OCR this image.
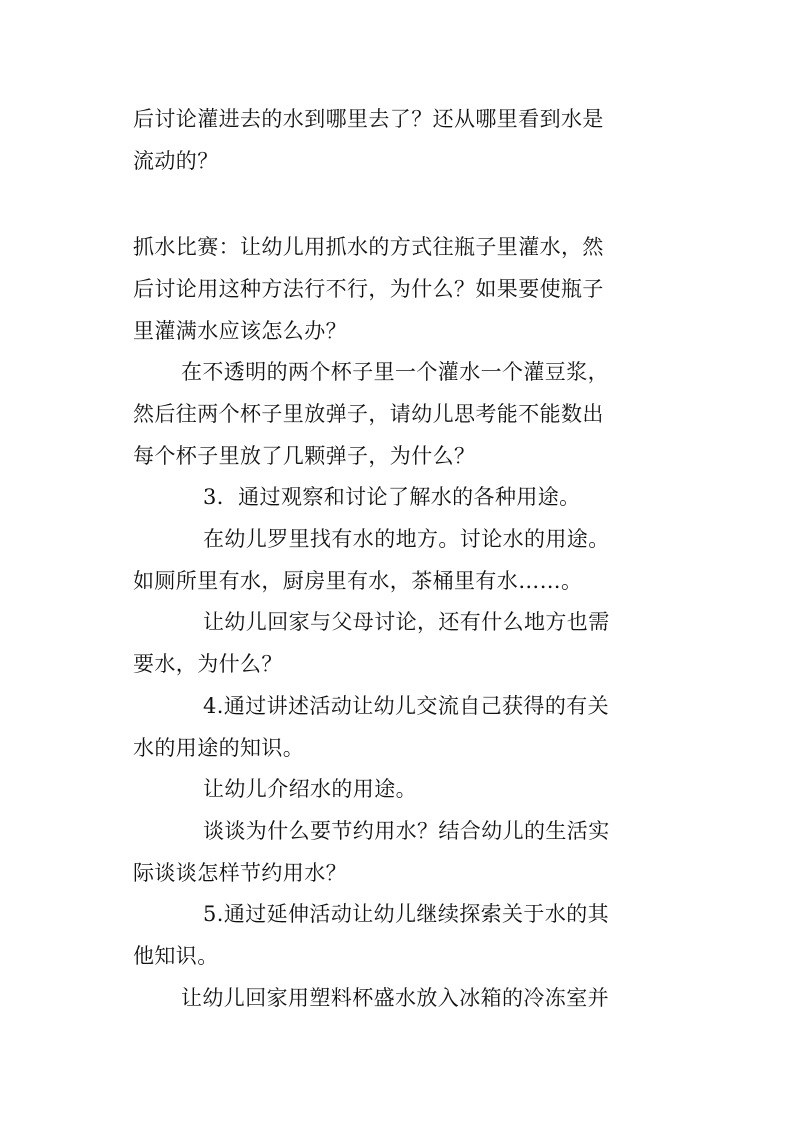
后讨论灌进去的水到哪里去了？还从哪里看到水是

流动的？

抓水比赛：让幼儿用抓水的方式往瓶子里灌水，然

后讨论用这种方法行不行，为什么？如果要使瓶子

里灌满水应该怎么办？

在不透明的两个杯子里一个灌水一个灌豆浆，

然后往两个杯子里放弹子，请幼儿思考能不能数出

每个杯子里放了几颗弹子，为什么？

3．通过观察和讨论了解水的各种用途。

在幼儿罗里找有水的地方。讨论水的用途。

如厕所里有水，厨房里有水，茶桶里有水……。

让幼儿回家与父母讨论，还有什么地方也需

要水，为什么？

4.通过讲述活动让幼儿交流自己获得的有关

水的用途的知识。

让幼儿介绍水的用途。

谈谈为什么要节约用水？结合幼儿的生活实

际谈谈怎样节约用水？

5.通过延伸活动让幼儿继续探索关于水的其

他知识。

让幼儿回家用塑料杯盛水放入冰箱的冷冻室并
